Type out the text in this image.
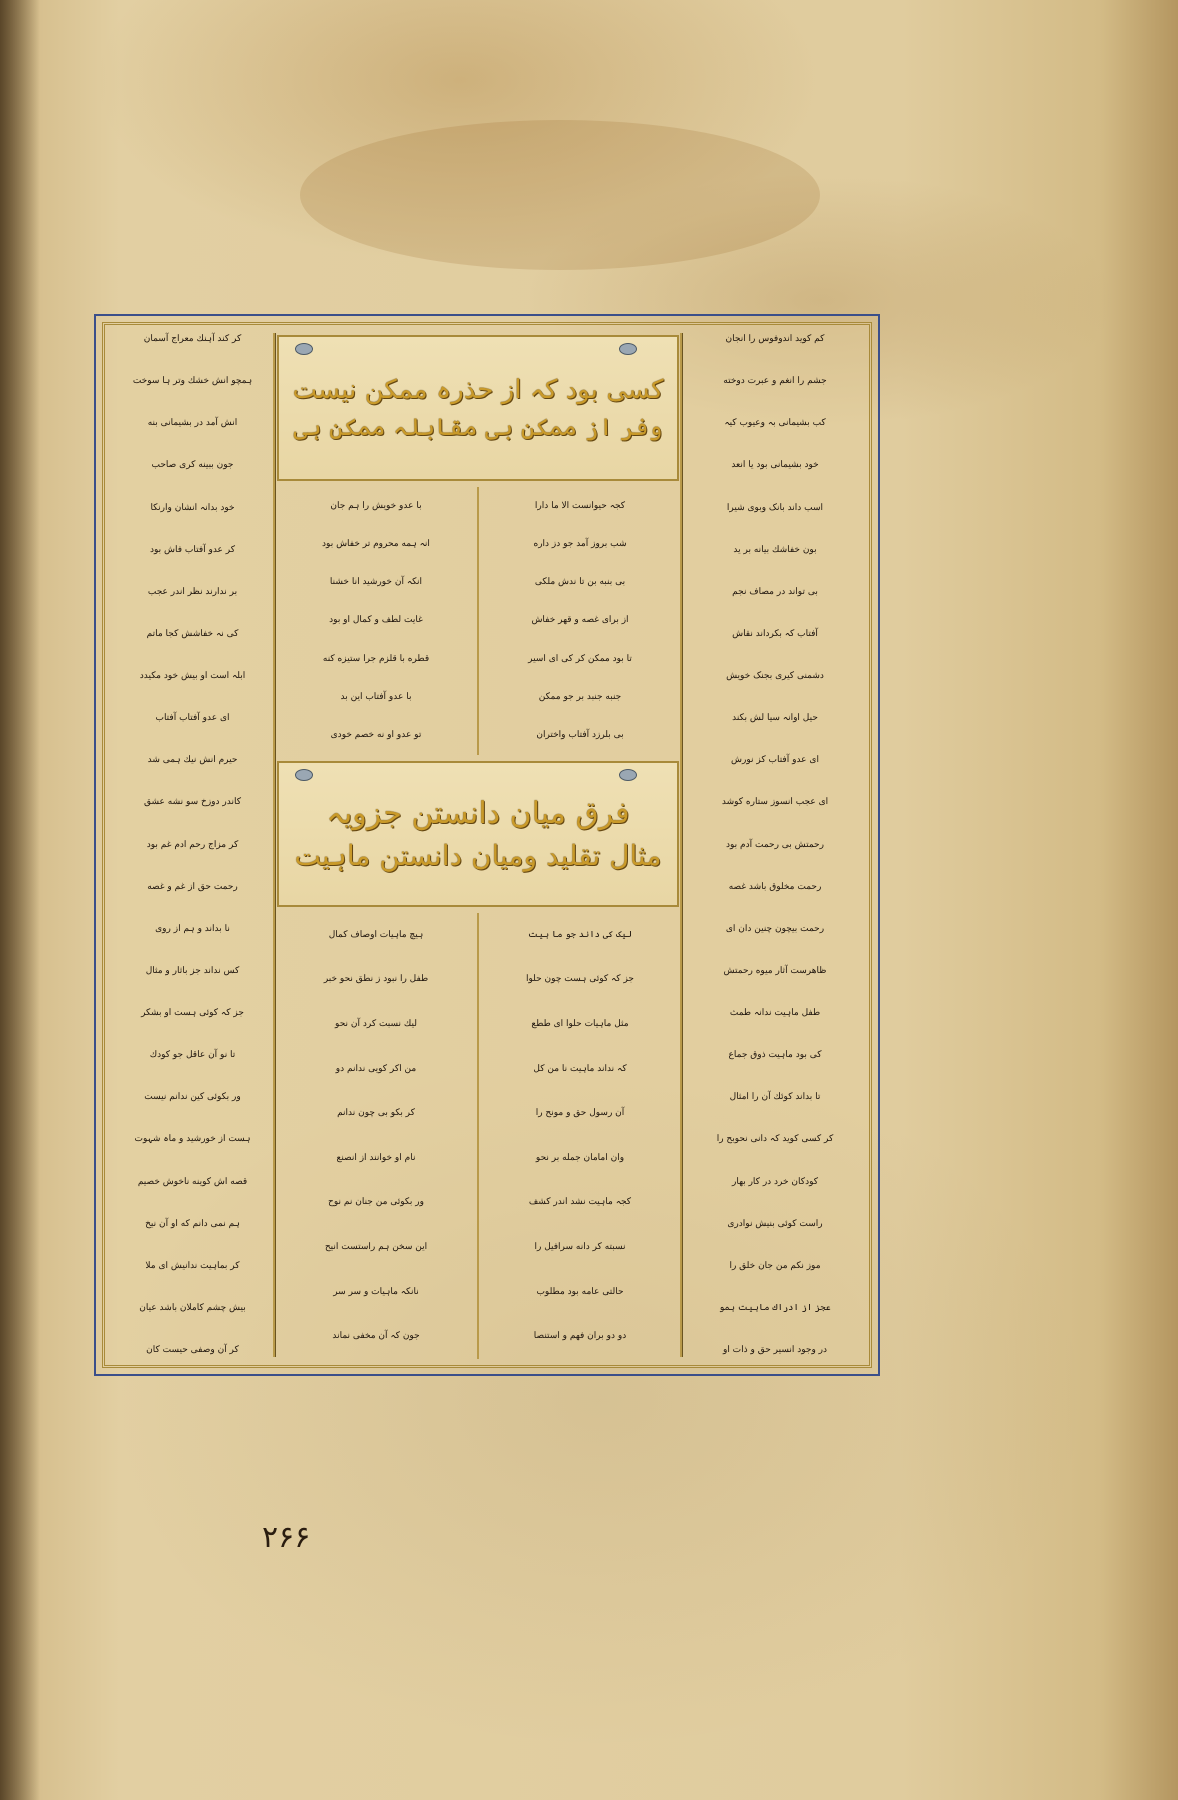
کم کوید اندوفوس را انجان
جشم را انغم و عبرت دوخته
کب بشیمانی بہ وعیوب کیہ
خود بشیمانی بود یا انعد
اسب داند بانک وبوی شیرا
بون خفاشك بیانه بر ید
بی تواند در مصاف نجم
آفتاب کہ بکرداند نقاش
دشمنی کیری بجنک خویش
حیل اوانہ سیا لش بکند
ای عدو آفتاب کز نورش
ای عجب انسوز ستاره کوشد
رحمتش بی رحمت آدم بود
رحمت مخلوق باشد غصه
رحمت بیچون چنین دان ای
ظاهرست آثار میوه رحمتش
طفل ماہیت ندانہ طمث
کی بود ماہیت ذوق جماع
تا بداند کوئك آن را امثال
کر کسی کوید کہ دانی نحوبح را
کودکان خرد در کار بهار
راست کوئی بنیش نوادری
موز نکم من جان خلق را
عجز از ادراك ماہیت ہمو
در وجود انسیر حق و ذات او
کسی بود کہ از حذرہ ممکن نیست
وفر از ممکن بی مقابلہ ممکن ہی
کجہ حیوانست الا ما دارا
شب بروز آمد جو دز داره
بی بنبه بن تا ندش ملکی
از برای غصه و قهر خفاش
تا بود ممکن کر کی ای اسیر
جنبه جنبد بر جو ممکن
بی بلرزد آفتاب واختران
با عدو خویش را ہم جان
انہ ہمه محروم تر خفاش بود
انکہ آن خورشید انا خشنا
غایت لطف و کمال او بود
قطره با قلزم جرا ستیزه کنه
با عدو آفتاب این بد
تو عدو او نه خصم خودی
فرق میان دانستن جزویہ
مثال تقلید ومیان دانستن ماہیت
لیک کی داند جو ما ہیت
جز کہ کوئی ہست چون حلوا
مثل ماہیات حلوا ای ططع
کہ نداند ماہیت نا من کل
آن رسول حق و مونح را
وان امامان جمله بر نحو
کجہ ماہیت نشد اندر کشف
نسبته کر دانه سرافیل را
حالتی عامه بود مطلوب
دو دو بران فهم و استنصا
ہیچ ماہیات اوصاف کمال
طفل را نبود ز نطق نحو خبر
لیك نسبت کرد آن نحو
من اکر کویی ندانم دو
کر بکو بی چون ندانم
نام او خوانند از انصنع
ور بکوئی من جنان نم نوح
این سخن ہم راستست انیح
نانکہ ماہیات و سر سر
جون کہ آن مخفی نماند
کر کند آہنك معراج آسمان
ہمچو انش خشك وتر ہا سوخت
انش آمد در بشیمانی بنه
جون ببینه کری صاحب
خود بدانہ انشان وارنکا
کر عدو آفتاب فاش بود
بر ندارند نظر اندر عجب
کی نہ خفاشش کجا ماتم
ابلہ است او بیش خود مکیدد
ای عدو آفتاب آفتاب
حیرم انش نیك ہمی شد
کاندر دوزخ سو نشه عشق
کر مزاج رحم ادم غم بود
رحمت حق از غم و غصه
نا بداند و ہم از روی
کس نداند جز باثار و مثال
جز کہ کوئی ہست او بشکر
تا نو آن عاقل جو کودك
ور بکوئی کین ندانم نیست
ہست از خورشید و ماہ شہوت
قصه اش کوینه ناخوش خصیم
ہم نمی دانم که او آن نیخ
کر بماہیت ندانیش ای ملا
بیش چشم کاملان باشد عیان
کر آن وصفی حیست کان
۲۶۶
